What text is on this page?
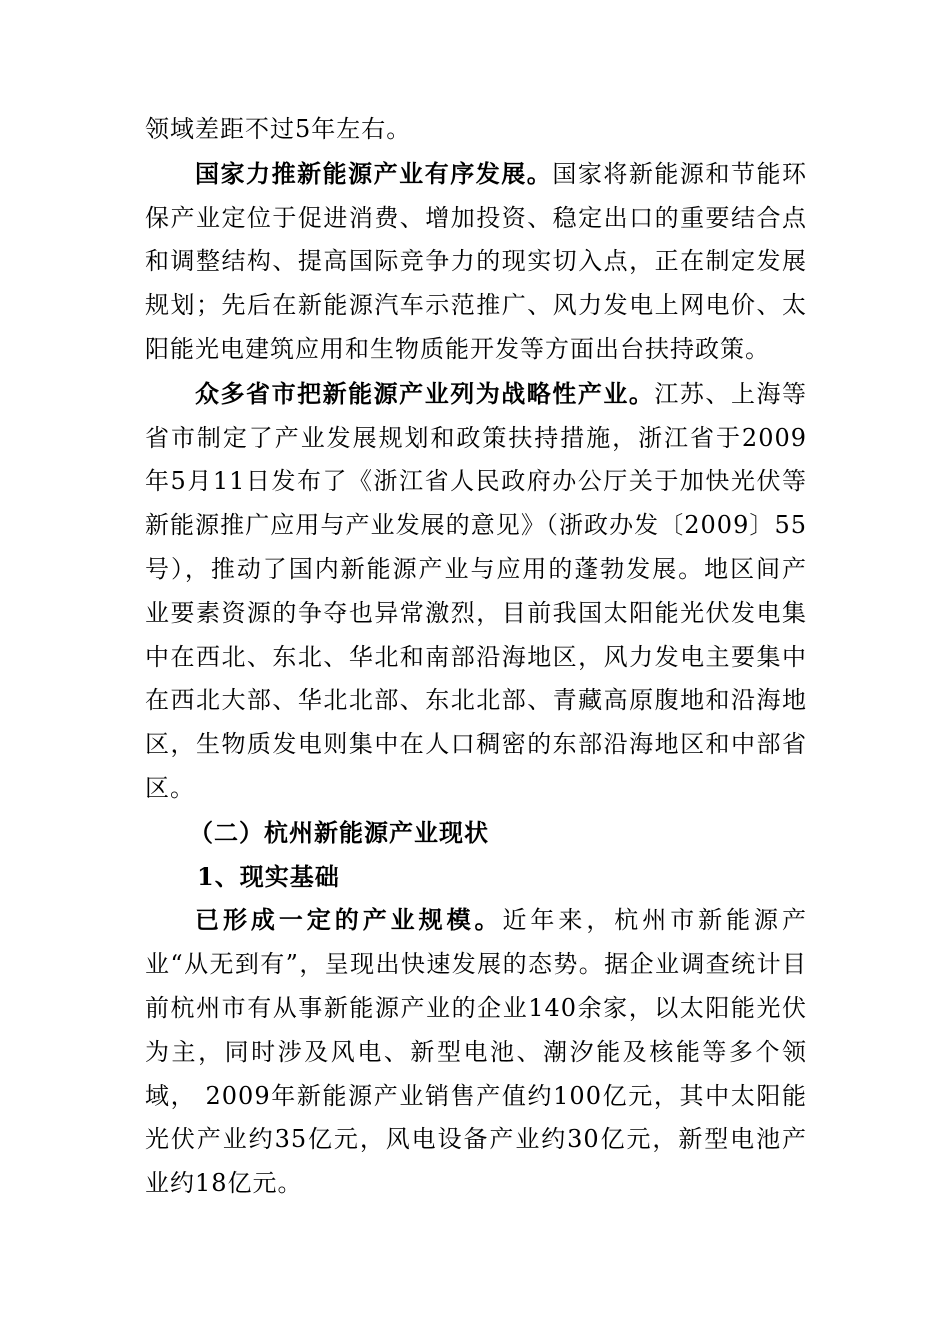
领域差距不过5年左右。

国家力推新能源产业有序发展。国家将新能源和节能环保产业定位于促进消费、增加投资、稳定出口的重要结合点和调整结构、提高国际竞争力的现实切入点，正在制定发展规划；先后在新能源汽车示范推广、风力发电上网电价、太阳能光电建筑应用和生物质能开发等方面出台扶持政策。

众多省市把新能源产业列为战略性产业。江苏、上海等省市制定了产业发展规划和政策扶持措施，浙江省于2009年5月11日发布了《浙江省人民政府办公厅关于加快光伏等新能源推广应用与产业发展的意见》（浙政办发〔2009〕55号），推动了国内新能源产业与应用的蓬勃发展。地区间产业要素资源的争夺也异常激烈，目前我国太阳能光伏发电集中在西北、东北、华北和南部沿海地区，风力发电主要集中在西北大部、华北北部、东北北部、青藏高原腹地和沿海地区，生物质发电则集中在人口稠密的东部沿海地区和中部省区。

（二）杭州新能源产业现状

1、现实基础

已形成一定的产业规模。近年来，杭州市新能源产业“从无到有”，呈现出快速发展的态势。据企业调查统计目前杭州市有从事新能源产业的企业140余家，以太阳能光伏为主，同时涉及风电、新型电池、潮汐能及核能等多个领域， 2009年新能源产业销售产值约100亿元，其中太阳能光伏产业约35亿元，风电设备产业约30亿元，新型电池产业约18亿元。
